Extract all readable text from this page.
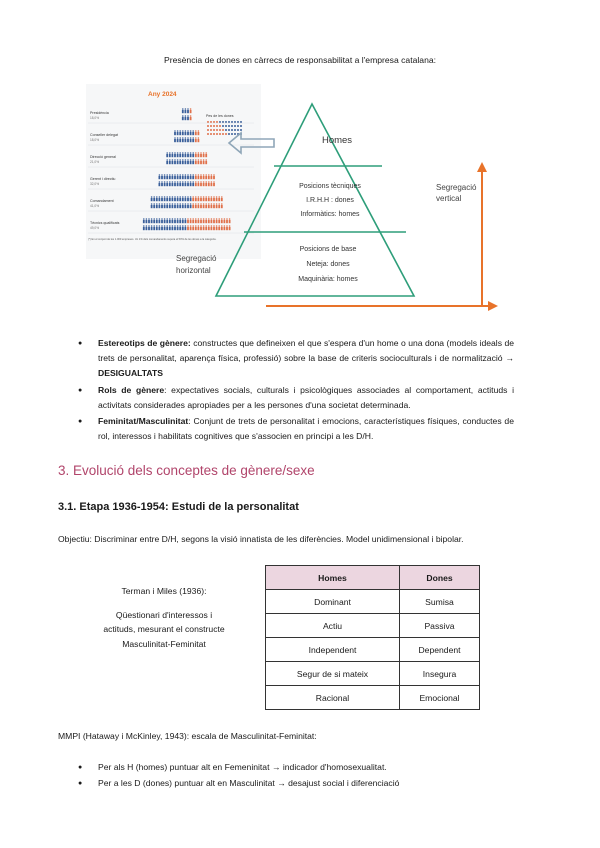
Presència de dones en càrrecs de responsabilitat a l'empresa catalana:
Any 2024
Pes de les dones
Presidència
18,0%
Conseller delegat
18,0%
Direcció general
21,0%
Gerent i directiu
32,0%
Comandament
41,0%
Tècnics qualificats
49,0%
(*) En el conjunt de les 1.000 empreses. Un 1% dels comandaments supera el 50% de les dones a la categoria.
Homes
Posicions tècniques
I.R.H.H : dones
Informàtics: homes
Posicions de base
Neteja: dones
Maquinària: homes
Segregació
vertical
Segregació
horizontal
● Estereotips de gènere: constructes que defineixen el que s'espera d'un home o una dona (models ideals de trets de personalitat, aparença física, professió) sobre la base de criteris socioculturals i de normalització → DESIGUALTATS
● Rols de gènere: expectatives socials, culturals i psicològiques associades al comportament, actituds i activitats considerades apropiades per a les persones d'una societat determinada.
● Feminitat/Masculinitat: Conjunt de trets de personalitat i emocions, característiques físiques, conductes de rol, interessos i habilitats cognitives que s'associen en principi a les D/H.
3. Evolució dels conceptes de gènere/sexe
3.1. Etapa 1936-1954: Estudi de la personalitat
Objectiu: Discriminar entre D/H, segons la visió innatista de les diferències. Model unidimensional i bipolar.
Terman i Miles (1936):
Qüestionari d'interessos i actituds, mesurant el constructe Masculinitat-Feminitat
Homes	Dones
Dominant	Sumisa
Actiu	Passiva
Independent	Dependent
Segur de si mateix	Insegura
Racional	Emocional
MMPI (Hataway i McKinley, 1943): escala de Masculinitat-Feminitat:
● Per als H (homes) puntuar alt en Femeninitat → indicador d'homosexualitat.
● Per a les D (dones) puntuar alt en Masculinitat → desajust social i diferenciació
